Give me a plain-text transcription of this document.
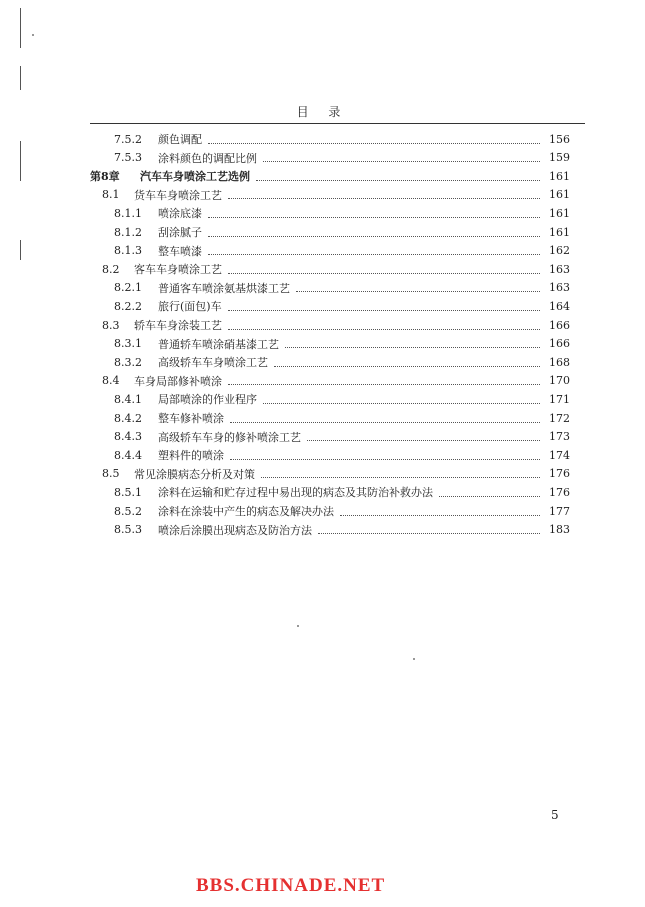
目 录
7.5.2	颜色调配	156
7.5.3	涂料颜色的调配比例	159
第8章	汽车车身喷涂工艺选例	161
8.1	货车车身喷涂工艺	161
8.1.1	喷涂底漆	161
8.1.2	刮涂腻子	161
8.1.3	整车喷漆	162
8.2	客车车身喷涂工艺	163
8.2.1	普通客车喷涂氨基烘漆工艺	163
8.2.2	旅行(面包)车	164
8.3	轿车车身涂装工艺	166
8.3.1	普通轿车喷涂硝基漆工艺	166
8.3.2	高级轿车车身喷涂工艺	168
8.4	车身局部修补喷涂	170
8.4.1	局部喷涂的作业程序	171
8.4.2	整车修补喷涂	172
8.4.3	高级轿车车身的修补喷涂工艺	173
8.4.4	塑料件的喷涂	174
8.5	常见涂膜病态分析及对策	176
8.5.1	涂料在运输和贮存过程中易出现的病态及其防治补救办法	176
8.5.2	涂料在涂装中产生的病态及解决办法	177
8.5.3	喷涂后涂膜出现病态及防治方法	183
5
BBS.CHINADE.NET
